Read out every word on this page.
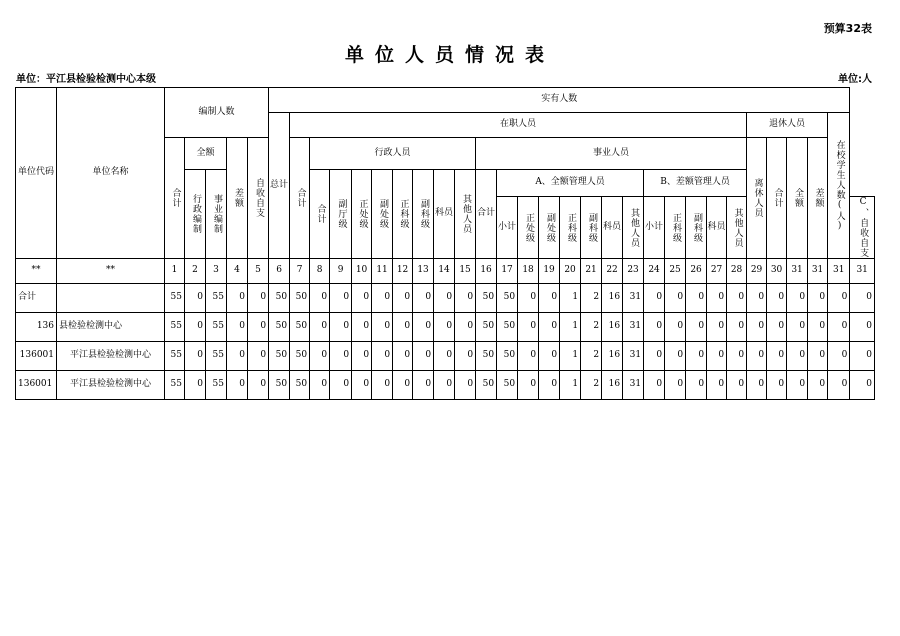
预算32表
单位人员情况表
单位：平江县检验检测中心本级	单位:人
单位代码	单位名称	编制人数					实有人数																												
							总计	在职人员																						退休人员				在校学生人数(人)	

		合计	全额		差额	自收自支		合计	行政人员								事业人员													离休人员	合计	全额	差额		

			行政编制	事业编制					合计	副厅级	正处级	副处级	正科级	副科级	科员	其他人员	合计	A、全额管理人员							B、差额管理人员										
																		小计	正处级	副处级	正科级	副科级	科员	其他人员	小计	正科级	副科级	科员	其他人员						C、自收自支

**	**	1	2	3	4	5	6	7	8	9	10	11	12	13	14	15	16	17	18	19	20	21	22	23	24	25	26	27	28	29	30	31	31	31	31
合计		55	0	55	0	0	50	50	0	0	0	0	0	0	0	0	50	50	0	0	1	2	16	31	0	0	0	0	0	0	0	0	0	0	0
136	县检验检测中心	55	0	55	0	0	50	50	0	0	0	0	0	0	0	0	50	50	0	0	1	2	16	31	0	0	0	0	0	0	0	0	0	0	0
136001	平江县检验检测中心	55	0	55	0	0	50	50	0	0	0	0	0	0	0	0	50	50	0	0	1	2	16	31	0	0	0	0	0	0	0	0	0	0	0
136001	平江县检验检测中心	55	0	55	0	0	50	50	0	0	0	0	0	0	0	0	50	50	0	0	1	2	16	31	0	0	0	0	0	0	0	0	0	0	0
